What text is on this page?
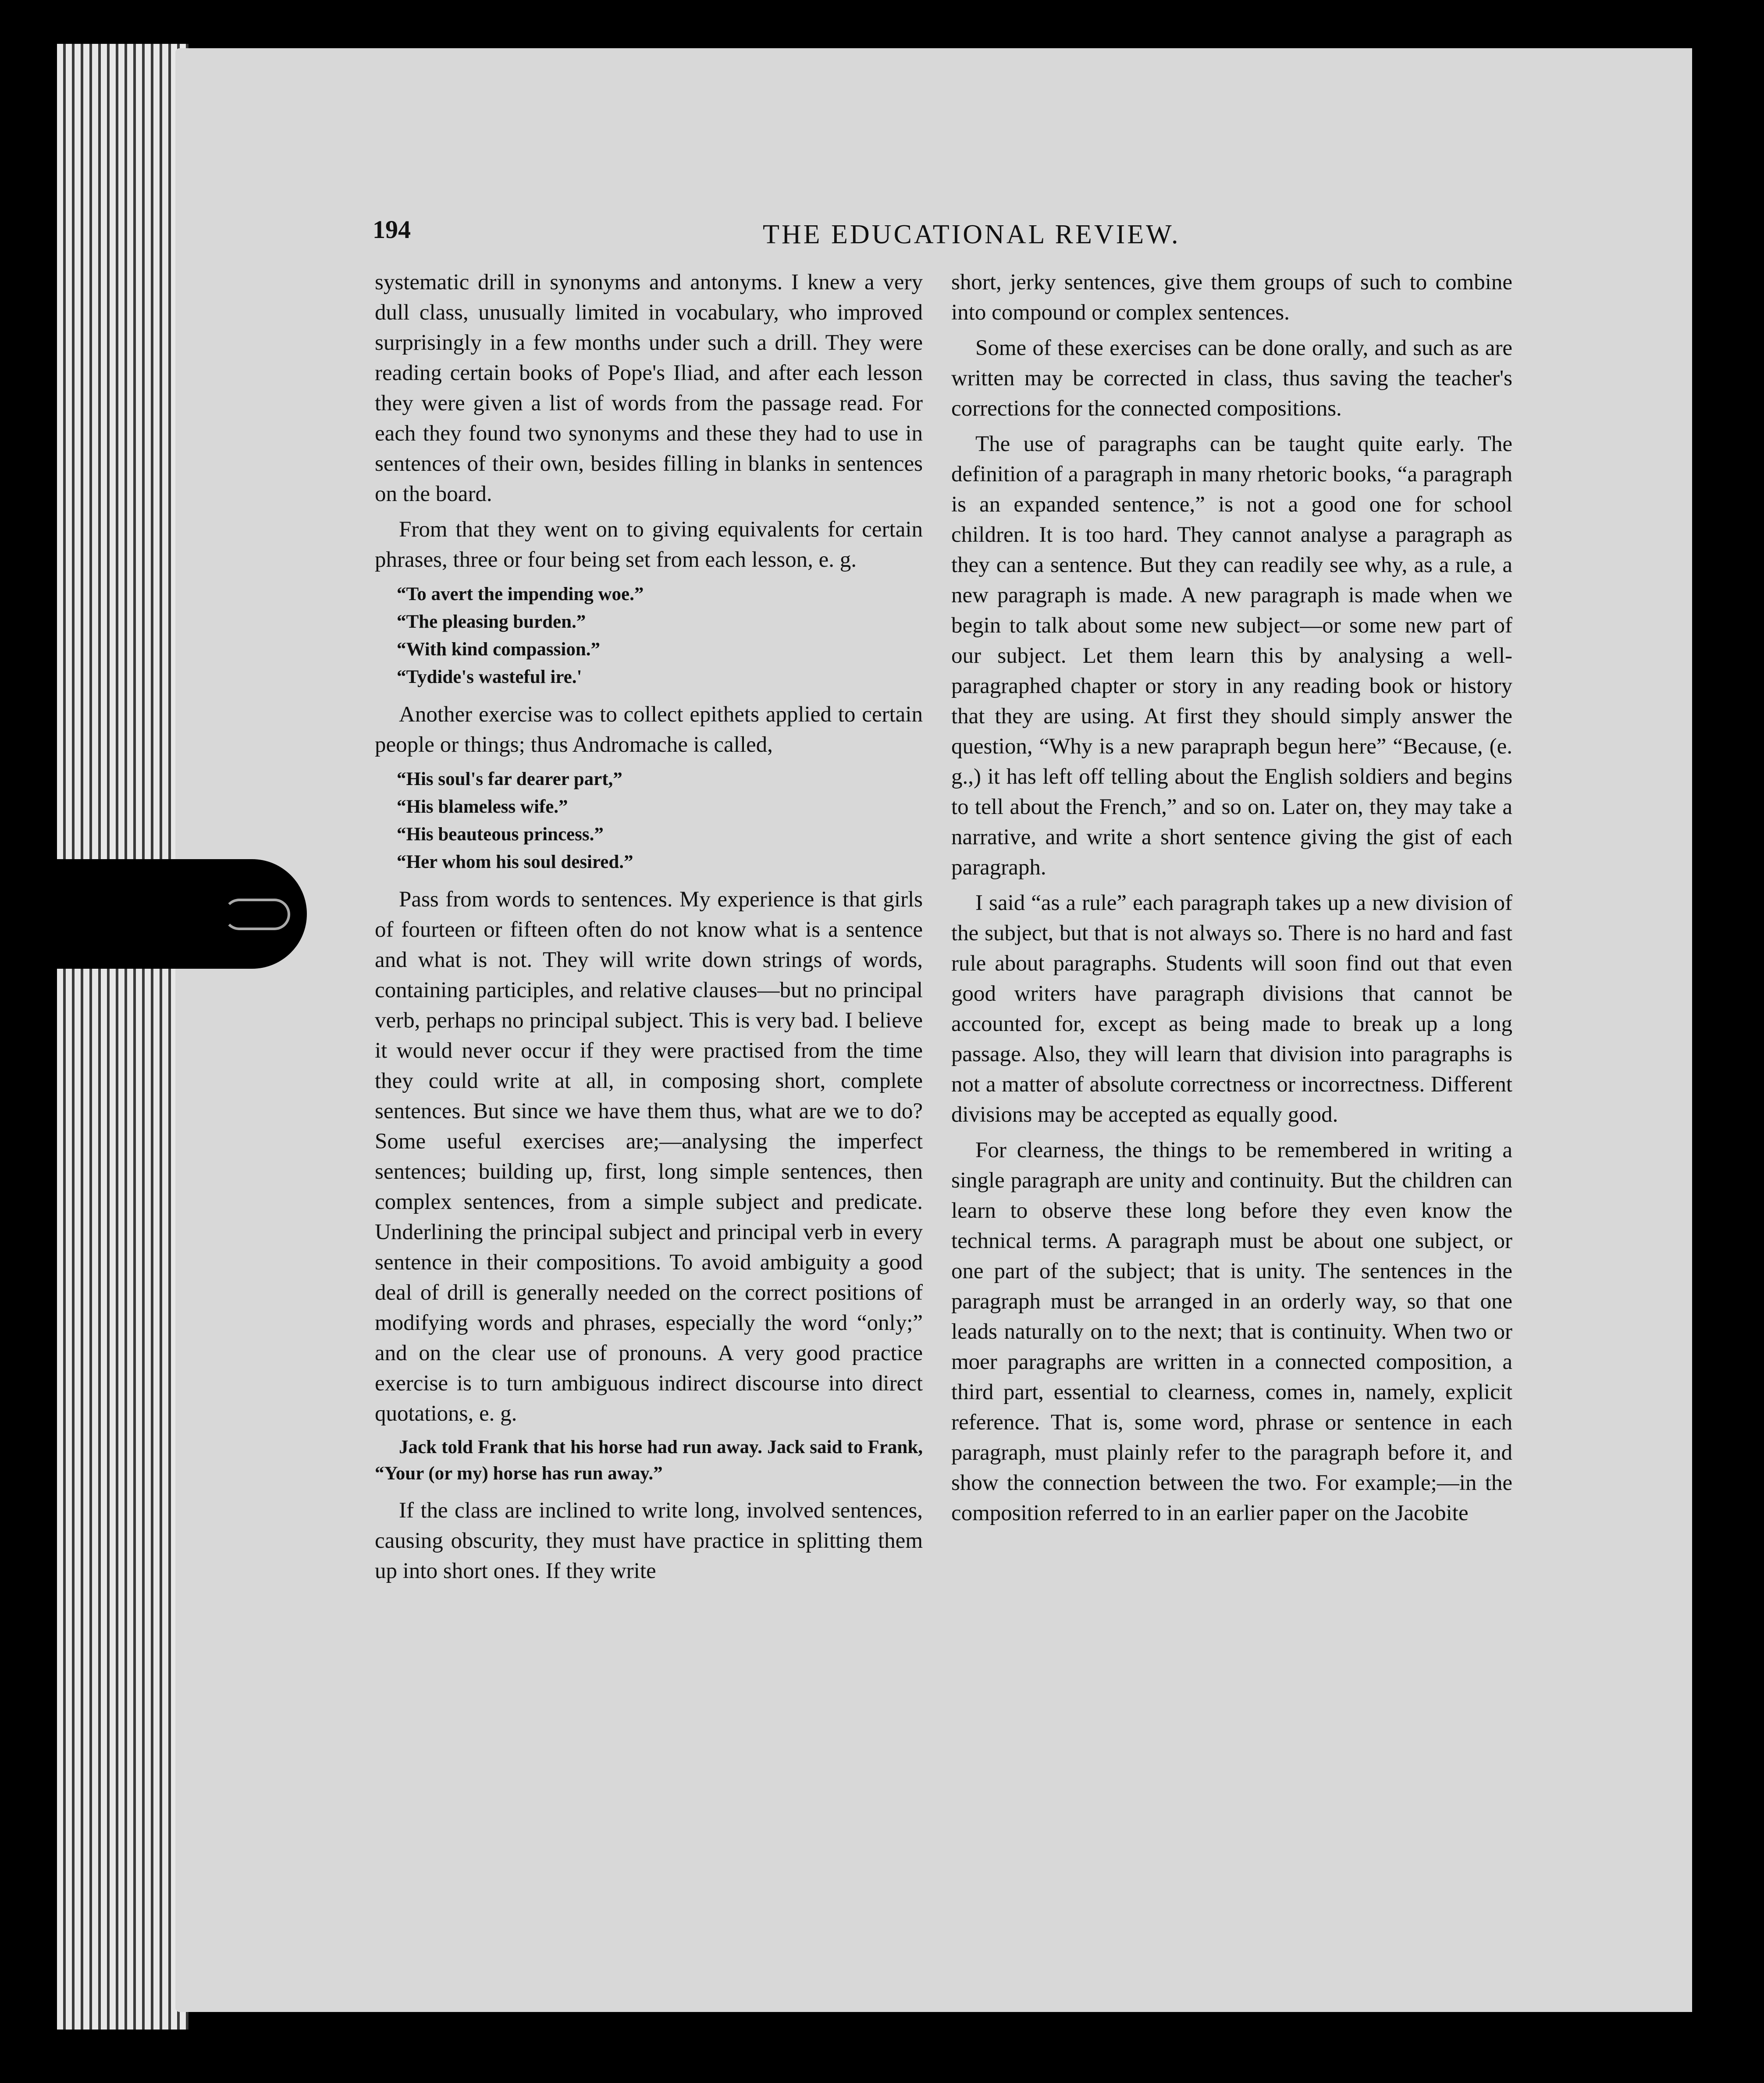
194	THE EDUCATIONAL REVIEW.

systematic drill in synonyms and antonyms. I knew a very dull class, unusually limited in vocabulary, who improved surprisingly in a few months under such a drill. They were reading certain books of Pope's Iliad, and after each lesson they were given a list of words from the passage read. For each they found two synonyms and these they had to use in sentences of their own, besides filling in blanks in sentences on the board.

From that they went on to giving equivalents for certain phrases, three or four being set from each lesson, e. g.

“To avert the impending woe.”
“The pleasing burden.”
“With kind compassion.”
“Tydide's wasteful ire.'

Another exercise was to collect epithets applied to certain people or things; thus Andromache is called,

“His soul's far dearer part,”
“His blameless wife.”
“His beauteous princess.”
“Her whom his soul desired.”

Pass from words to sentences. My experience is that girls of fourteen or fifteen often do not know what is a sentence and what is not. They will write down strings of words, containing participles, and relative clauses—but no principal verb, perhaps no principal subject. This is very bad. I believe it would never occur if they were practised from the time they could write at all, in composing short, complete sentences. But since we have them thus, what are we to do? Some useful exercises are;—analysing the imperfect sentences; building up, first, long simple sentences, then complex sentences, from a simple subject and predicate. Underlining the principal subject and principal verb in every sentence in their compositions. To avoid ambiguity a good deal of drill is generally needed on the correct positions of modifying words and phrases, especially the word “only;” and on the clear use of pronouns. A very good practice exercise is to turn ambiguous indirect discourse into direct quotations, e. g.

Jack told Frank that his horse had run away. Jack said to Frank, “Your (or my) horse has run away.”

If the class are inclined to write long, involved sentences, causing obscurity, they must have practice in splitting them up into short ones. If they write

short, jerky sentences, give them groups of such to combine into compound or complex sentences.

Some of these exercises can be done orally, and such as are written may be corrected in class, thus saving the teacher's corrections for the connected compositions.

The use of paragraphs can be taught quite early. The definition of a paragraph in many rhetoric books, “a paragraph is an expanded sentence,” is not a good one for school children. It is too hard. They cannot analyse a paragraph as they can a sentence. But they can readily see why, as a rule, a new paragraph is made. A new paragraph is made when we begin to talk about some new subject—or some new part of our subject. Let them learn this by analysing a well-paragraphed chapter or story in any reading book or history that they are using. At first they should simply answer the question, “Why is a new parapraph begun here” “Because, (e. g.,) it has left off telling about the English soldiers and begins to tell about the French,” and so on. Later on, they may take a narrative, and write a short sentence giving the gist of each paragraph.

I said “as a rule” each paragraph takes up a new division of the subject, but that is not always so. There is no hard and fast rule about paragraphs. Students will soon find out that even good writers have paragraph divisions that cannot be accounted for, except as being made to break up a long passage. Also, they will learn that division into paragraphs is not a matter of absolute correctness or incorrectness. Different divisions may be accepted as equally good.

For clearness, the things to be remembered in writing a single paragraph are unity and continuity. But the children can learn to observe these long before they even know the technical terms. A paragraph must be about one subject, or one part of the subject; that is unity. The sentences in the paragraph must be arranged in an orderly way, so that one leads naturally on to the next; that is continuity. When two or moer paragraphs are written in a connected composition, a third part, essential to clearness, comes in, namely, explicit reference. That is, some word, phrase or sentence in each paragraph, must plainly refer to the paragraph before it, and show the connection between the two. For example;—in the composition referred to in an earlier paper on the Jacobite
